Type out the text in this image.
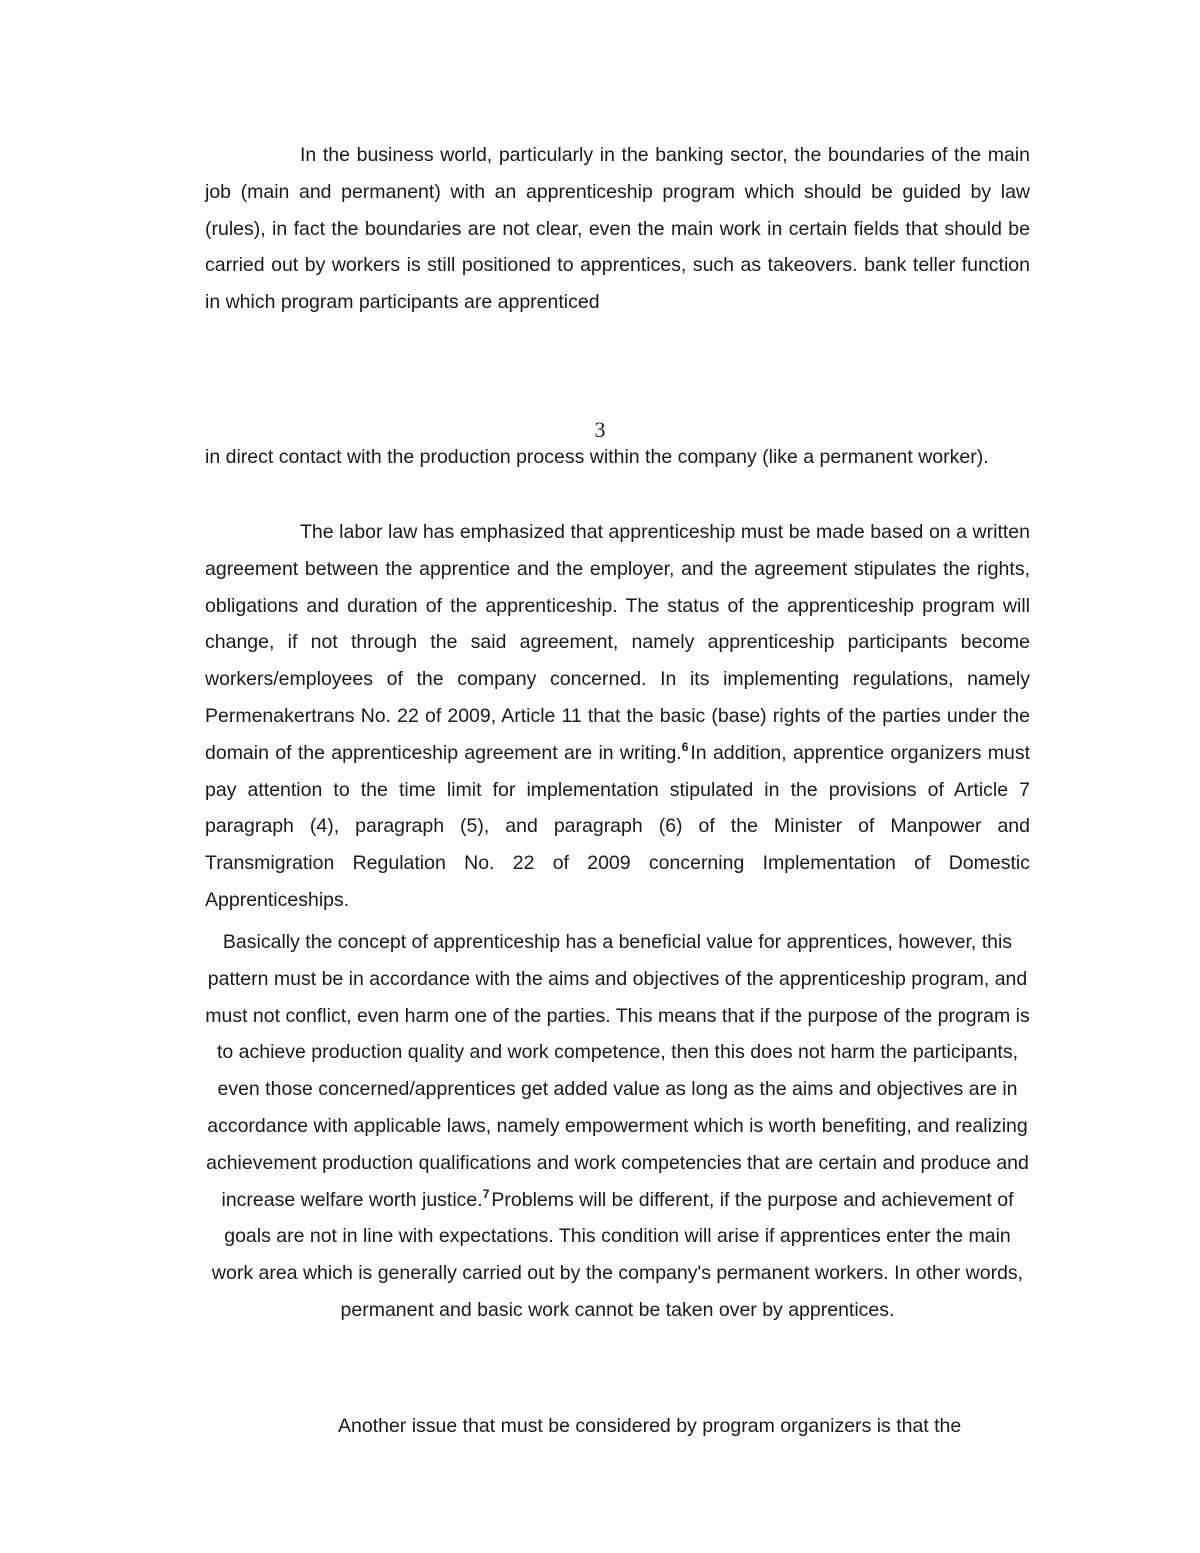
In the business world, particularly in the banking sector, the boundaries of the main job (main and permanent) with an apprenticeship program which should be guided by law (rules), in fact the boundaries are not clear, even the main work in certain fields that should be carried out by workers is still positioned to apprentices, such as takeovers. bank teller function in which program participants are apprenticed
3
in direct contact with the production process within the company (like a permanent worker).
The labor law has emphasized that apprenticeship must be made based on a written agreement between the apprentice and the employer, and the agreement stipulates the rights, obligations and duration of the apprenticeship. The status of the apprenticeship program will change, if not through the said agreement, namely apprenticeship participants become workers/employees of the company concerned. In its implementing regulations, namely Permenakertrans No. 22 of 2009, Article 11 that the basic (base) rights of the parties under the domain of the apprenticeship agreement are in writing.$^6$ In addition, apprentice organizers must pay attention to the time limit for implementation stipulated in the provisions of Article 7 paragraph (4), paragraph (5), and paragraph (6) of the Minister of Manpower and Transmigration Regulation No. 22 of 2009 concerning Implementation of Domestic Apprenticeships.
Basically the concept of apprenticeship has a beneficial value for apprentices, however, this pattern must be in accordance with the aims and objectives of the apprenticeship program, and must not conflict, even harm one of the parties. This means that if the purpose of the program is to achieve production quality and work competence, then this does not harm the participants, even those concerned/apprentices get added value as long as the aims and objectives are in accordance with applicable laws, namely empowerment which is worth benefiting, and realizing achievement production qualifications and work competencies that are certain and produce and increase welfare worth justice.$^7$ Problems will be different, if the purpose and achievement of goals are not in line with expectations. This condition will arise if apprentices enter the main work area which is generally carried out by the company's permanent workers. In other words, permanent and basic work cannot be taken over by apprentices.
Another issue that must be considered by program organizers is that the
